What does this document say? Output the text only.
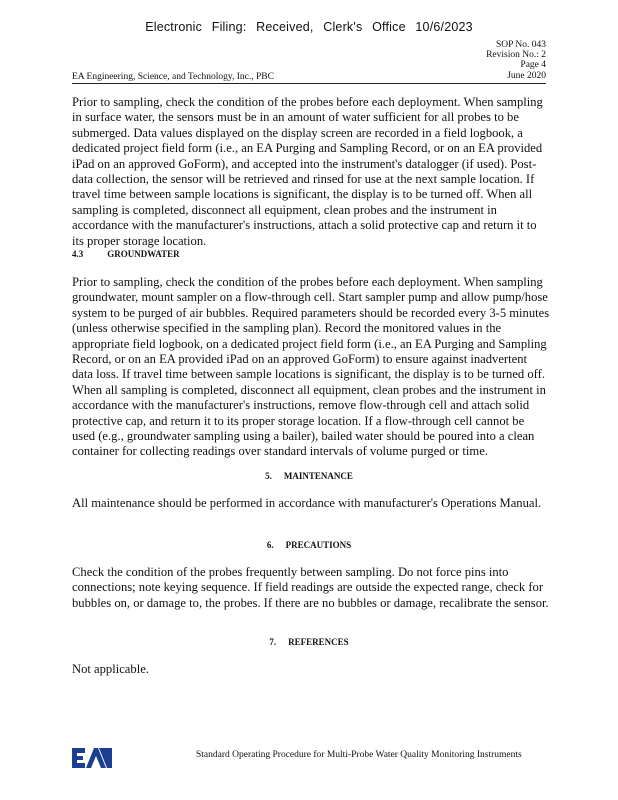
Electronic Filing: Received, Clerk's Office 10/6/2023
SOP No. 043
Revision No.: 2
Page 4
June 2020
EA Engineering, Science, and Technology, Inc., PBC
Prior to sampling, check the condition of the probes before each deployment. When sampling in surface water, the sensors must be in an amount of water sufficient for all probes to be submerged. Data values displayed on the display screen are recorded in a field logbook, a dedicated project field form (i.e., an EA Purging and Sampling Record, or on an EA provided iPad on an approved GoForm), and accepted into the instrument's datalogger (if used). Post-data collection, the sensor will be retrieved and rinsed for use at the next sample location. If travel time between sample locations is significant, the display is to be turned off. When all sampling is completed, disconnect all equipment, clean probes and the instrument in accordance with the manufacturer's instructions, attach a solid protective cap and return it to its proper storage location.
4.3	GROUNDWATER
Prior to sampling, check the condition of the probes before each deployment. When sampling groundwater, mount sampler on a flow-through cell. Start sampler pump and allow pump/hose system to be purged of air bubbles. Required parameters should be recorded every 3-5 minutes (unless otherwise specified in the sampling plan). Record the monitored values in the appropriate field logbook, on a dedicated project field form (i.e., an EA Purging and Sampling Record, or on an EA provided iPad on an approved GoForm) to ensure against inadvertent data loss. If travel time between sample locations is significant, the display is to be turned off. When all sampling is completed, disconnect all equipment, clean probes and the instrument in accordance with the manufacturer's instructions, remove flow-through cell and attach solid protective cap, and return it to its proper storage location. If a flow-through cell cannot be used (e.g., groundwater sampling using a bailer), bailed water should be poured into a clean container for collecting readings over standard intervals of volume purged or time.
5. MAINTENANCE
All maintenance should be performed in accordance with manufacturer's Operations Manual.
6. PRECAUTIONS
Check the condition of the probes frequently between sampling. Do not force pins into connections; note keying sequence. If field readings are outside the expected range, check for bubbles on, or damage to, the probes. If there are no bubbles or damage, recalibrate the sensor.
7. REFERENCES
Not applicable.
Standard Operating Procedure for Multi-Probe Water Quality Monitoring Instruments
